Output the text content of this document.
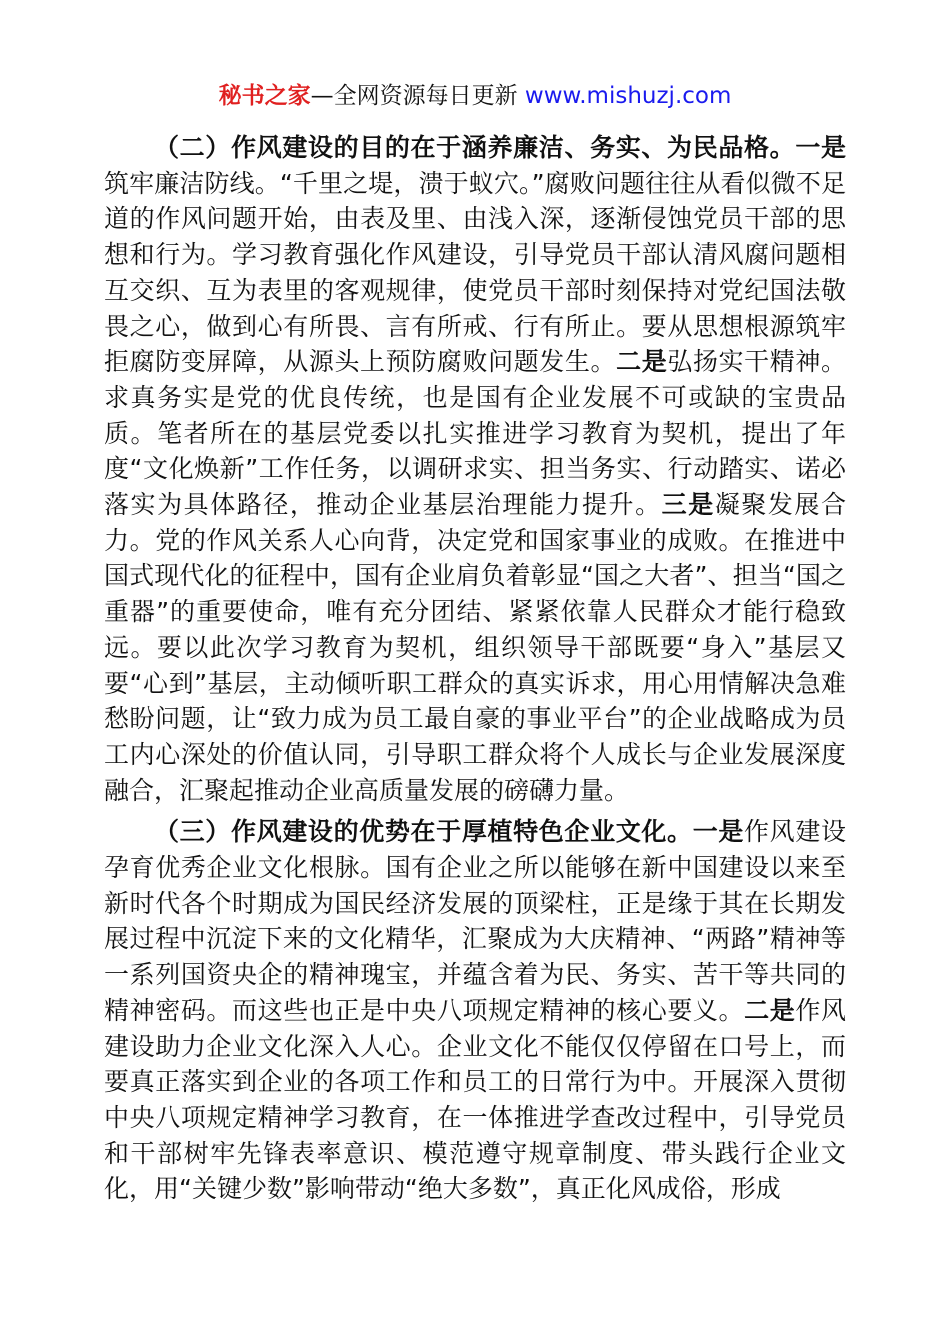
秘书之家—全网资源每日更新 www.mishuzj.com

（二）作风建设的目的在于涵养廉洁、务实、为民品格。一是筑牢廉洁防线。“千里之堤，溃于蚁穴。”腐败问题往往从看似微不足道的作风问题开始，由表及里、由浅入深，逐渐侵蚀党员干部的思想和行为。学习教育强化作风建设，引导党员干部认清风腐问题相互交织、互为表里的客观规律，使党员干部时刻保持对党纪国法敬畏之心，做到心有所畏、言有所戒、行有所止。要从思想根源筑牢拒腐防变屏障，从源头上预防腐败问题发生。二是弘扬实干精神。求真务实是党的优良传统，也是国有企业发展不可或缺的宝贵品质。笔者所在的基层党委以扎实推进学习教育为契机，提出了年度“文化焕新”工作任务，以调研求实、担当务实、行动踏实、诺必落实为具体路径，推动企业基层治理能力提升。三是凝聚发展合力。党的作风关系人心向背，决定党和国家事业的成败。在推进中国式现代化的征程中，国有企业肩负着彰显“国之大者”、担当“国之重器”的重要使命，唯有充分团结、紧紧依靠人民群众才能行稳致远。要以此次学习教育为契机，组织领导干部既要“身入”基层又要“心到”基层，主动倾听职工群众的真实诉求，用心用情解决急难愁盼问题，让“致力成为员工最自豪的事业平台”的企业战略成为员工内心深处的价值认同，引导职工群众将个人成长与企业发展深度融合，汇聚起推动企业高质量发展的磅礴力量。

（三）作风建设的优势在于厚植特色企业文化。一是作风建设孕育优秀企业文化根脉。国有企业之所以能够在新中国建设以来至新时代各个时期成为国民经济发展的顶梁柱，正是缘于其在长期发展过程中沉淀下来的文化精华，汇聚成为大庆精神、“两路”精神等一系列国资央企的精神瑰宝，并蕴含着为民、务实、苦干等共同的精神密码。而这些也正是中央八项规定精神的核心要义。二是作风建设助力企业文化深入人心。企业文化不能仅仅停留在口号上，而要真正落实到企业的各项工作和员工的日常行为中。开展深入贯彻中央八项规定精神学习教育，在一体推进学查改过程中，引导党员和干部树牢先锋表率意识、模范遵守规章制度、带头践行企业文化，用“关键少数”影响带动“绝大多数”，真正化风成俗，形成
